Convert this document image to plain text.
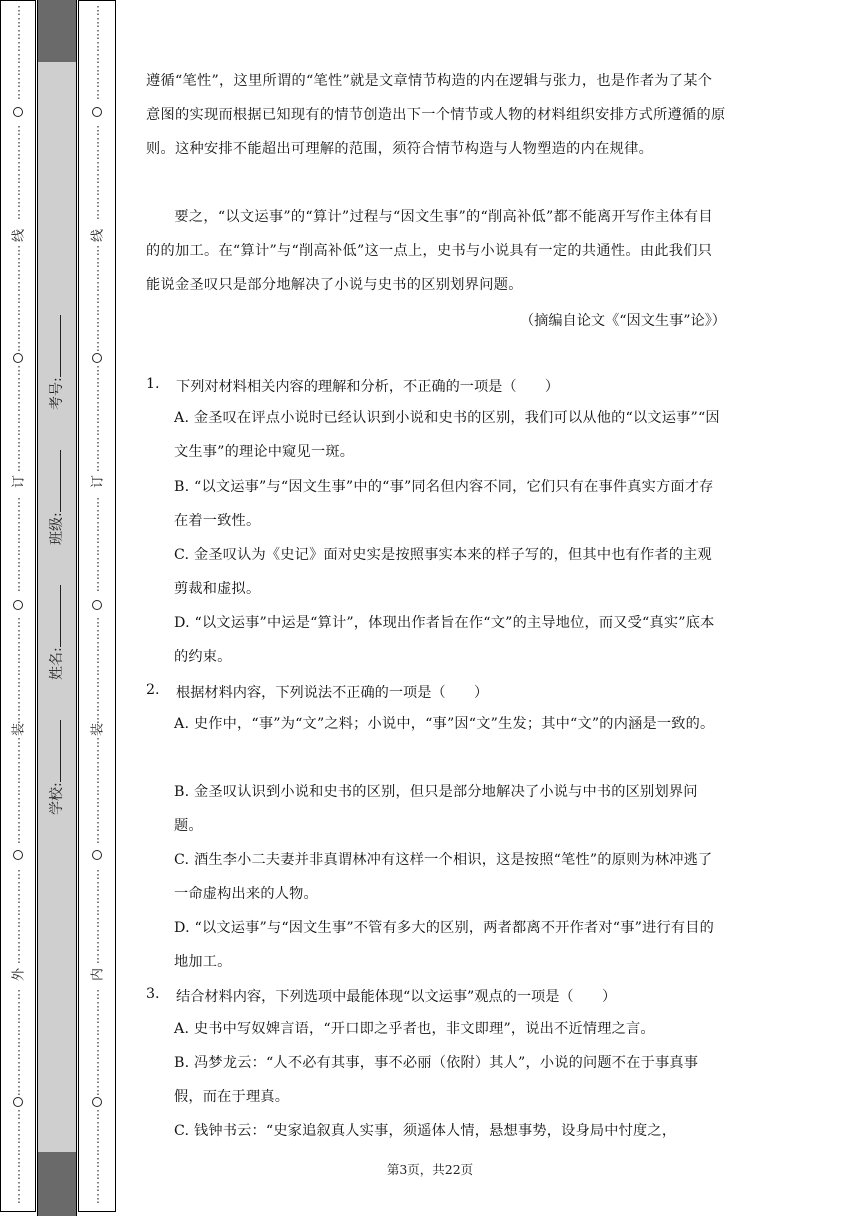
⋮
⋮
⋮
⋮
⋮
⋮
⋮
⋮
⋮
⋮
⋮
⋮
⋮
⋮
⋮
⋮
⋮
⋮
⋮
⋮
⋮
⋮
⋮
⋮
⋮
⋮
⋮
⋮
⋮
⋮
⋮
⋮
⋮
⋮
⋮
⋮
⋮
⋮
⋮
⋮
⋮
⋮
⋮
⋮
⋮
⋮
⋮
⋮
⋮
⋮
⋮
⋮
⋮
⋮
⋮
⋮
⋮
⋮
⋮
⋮
⋮
⋮
⋮
⋮
⋮
⋮
⋮
⋮
⋮
⋮
⋮
⋮
⋮
⋮
⋮
⋮
⋮
⋮
⋮
⋮
⋮
⋮
⋮
⋮
⋮
线
订
装
外
学校:
姓名:
班级:
考号:
⋮
⋮
⋮
⋮
⋮
⋮
⋮
⋮
⋮
⋮
⋮
⋮
⋮
⋮
⋮
⋮
⋮
⋮
⋮
⋮
⋮
⋮
⋮
⋮
⋮
⋮
⋮
⋮
⋮
⋮
⋮
⋮
⋮
⋮
⋮
⋮
⋮
⋮
⋮
⋮
⋮
⋮
⋮
⋮
⋮
⋮
⋮
⋮
⋮
⋮
⋮
⋮
⋮
⋮
⋮
⋮
⋮
⋮
⋮
⋮
⋮
⋮
⋮
⋮
⋮
⋮
⋮
⋮
⋮
⋮
⋮
⋮
⋮
⋮
⋮
⋮
⋮
⋮
⋮
⋮
⋮
⋮
⋮
⋮
⋮
线
订
装
内
遵循“笔性”，这里所谓的“笔性”就是文章情节构造的内在逻辑与张力，也是作者为了某个意图的实现而根据已知现有的情节创造出下一个情节或人物的材料组织安排方式所遵循的原则。这种安排不能超出可理解的范围，须符合情节构造与人物塑造的内在规律。
要之，“以文运事”的“算计”过程与“因文生事”的“削高补低”都不能离开写作主体有目的的加工。在“算计”与“削高补低”这一点上，史书与小说具有一定的共通性。由此我们只能说金圣叹只是部分地解决了小说与史书的区别划界问题。
（摘编自论文《“因文生事”论》）
1. 下列对材料相关内容的理解和分析，不正确的一项是（　　）
A. 金圣叹在评点小说时已经认识到小说和史书的区别，我们可以从他的“以文运事”“因文生事”的理论中窥见一斑。
B. “以文运事”与“因文生事”中的“事”同名但内容不同，它们只有在事件真实方面才存在着一致性。
C. 金圣叹认为《史记》面对史实是按照事实本来的样子写的，但其中也有作者的主观剪裁和虚拟。
D. “以文运事”中运是“算计”，体现出作者旨在作“文”的主导地位，而又受“真实”底本的约束。
2. 根据材料内容，下列说法不正确的一项是（　　）
A. 史作中，“事”为“文”之料；小说中，“事”因“文”生发；其中“文”的内涵是一致的。
B. 金圣叹认识到小说和史书的区别，但只是部分地解决了小说与中书的区别划界问题。
C. 酒生李小二夫妻并非真谓林冲有这样一个相识，这是按照“笔性”的原则为林冲逃了一命虚构出来的人物。
D. “以文运事”与“因文生事”不管有多大的区别，两者都离不开作者对“事”进行有目的地加工。
3. 结合材料内容，下列选项中最能体现“以文运事”观点的一项是（　　）
A. 史书中写奴婢言语，“开口即之乎者也，非文即理”，说出不近情理之言。
B. 冯梦龙云：“人不必有其事，事不必丽（依附）其人”，小说的问题不在于事真事假，而在于理真。
C. 钱钟书云：“史家追叙真人实事，须遥体人情，悬想事势，设身局中忖度之，
第3页，共22页
